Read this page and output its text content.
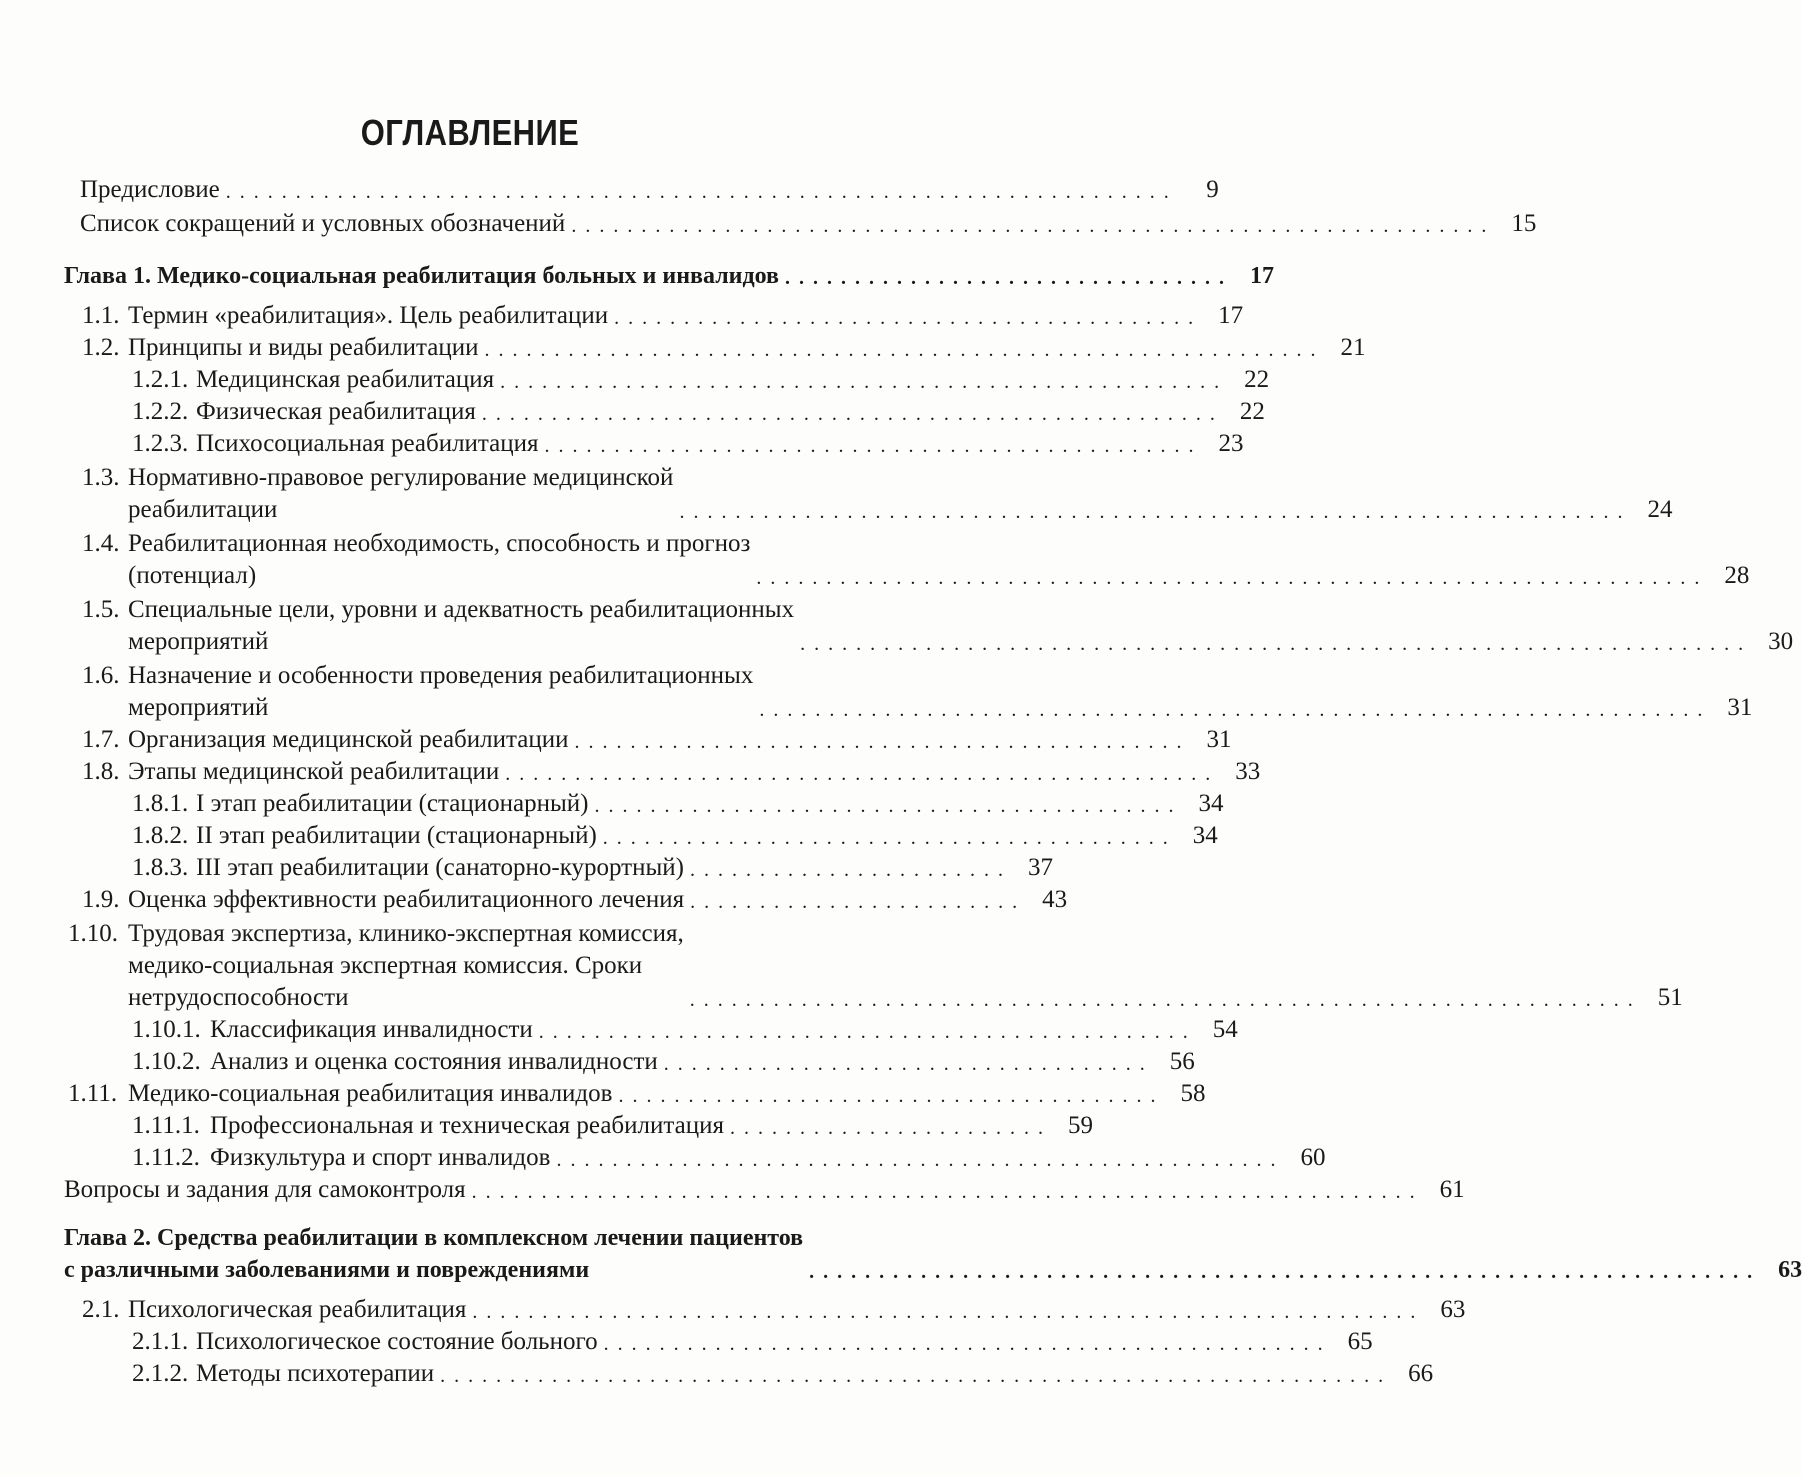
ОГЛАВЛЕНИЕ
Предисловие . . . . . . . . . . . . . . . . . . . . . . . . . . . . . . . . . . . . . . . . . . . . . . . . . . . . . . . . . . . . . . . . . . . .	9
Список сокращений и условных обозначений . . . . . . . . . . . . . . . . . . . . . . . . . . . . . . . . . . . . . . . . . . . . . . . . . . . . . . . . . . . . . . . . . . 15
Глава 1. Медико-социальная реабилитация больных и инвалидов . . . . . . . . . . . . . . . . . . . . . . . . . . . . . . . .	17
1.1. Термин «реабилитация». Цель реабилитации . . . . . . . . . . . . . . . . . . . . . . . . . . . . . . . . . . . . . . . . . . 17
1.2. Принципы и виды реабилитации . . . . . . . . . . . . . . . . . . . . . . . . . . . . . . . . . . . . . . . . . . . . . . . . . . . . . . . . . . . . 21
1.2.1. Медицинская реабилитация . . . . . . . . . . . . . . . . . . . . . . . . . . . . . . . . . . . . . . . . . . . . . . . . . . . . 22
1.2.2. Физическая реабилитация . . . . . . . . . . . . . . . . . . . . . . . . . . . . . . . . . . . . . . . . . . . . . . . . . . . . . 22
1.2.3. Психосоциальная реабилитация . . . . . . . . . . . . . . . . . . . . . . . . . . . . . . . . . . . . . . . . . . . . . . . 23
1.3. Нормативно-правовое регулирование медицинской
реабилитации	. . . . . . . . . . . . . . . . . . . . . . . . . . . . . . . . . . . . . . . . . . . . . . . . . . . . . . . . . . . . . . . . . . . . 24
1.4. Реабилитационная необходимость, способность и прогноз
(потенциал)	. . . . . . . . . . . . . . . . . . . . . . . . . . . . . . . . . . . . . . . . . . . . . . . . . . . . . . . . . . . . . . . . . . . . 28
1.5. Специальные цели, уровни и адекватность реабилитационных
мероприятий	. . . . . . . . . . . . . . . . . . . . . . . . . . . . . . . . . . . . . . . . . . . . . . . . . . . . . . . . . . . . . . . . . . . . 30
1.6. Назначение и особенности проведения реабилитационных
мероприятий	. . . . . . . . . . . . . . . . . . . . . . . . . . . . . . . . . . . . . . . . . . . . . . . . . . . . . . . . . . . . . . . . . . . . 31
1.7. Организация медицинской реабилитации . . . . . . . . . . . . . . . . . . . . . . . . . . . . . . . . . . . . . . . . . . . . 31
1.8. Этапы медицинской реабилитации . . . . . . . . . . . . . . . . . . . . . . . . . . . . . . . . . . . . . . . . . . . . . . . . . . . 33
1.8.1. I этап реабилитации (стационарный) . . . . . . . . . . . . . . . . . . . . . . . . . . . . . . . . . . . . . . . . . . 34
1.8.2. II этап реабилитации (стационарный) . . . . . . . . . . . . . . . . . . . . . . . . . . . . . . . . . . . . . . . . . 34
1.8.3. III этап реабилитации (санаторно-курортный) . . . . . . . . . . . . . . . . . . . . . . . 37
1.9. Оценка эффективности реабилитационного лечения . . . . . . . . . . . . . . . . . . . . . . . . 43
1.10. Трудовая экспертиза, клинико-экспертная комиссия,
медико-социальная экспертная комиссия. Сроки
нетрудоспособности	. . . . . . . . . . . . . . . . . . . . . . . . . . . . . . . . . . . . . . . . . . . . . . . . . . . . . . . . . . . . . . . . . . . . 51
1.10.1. Классификация инвалидности . . . . . . . . . . . . . . . . . . . . . . . . . . . . . . . . . . . . . . . . . . . . . . . 54
1.10.2. Анализ и оценка состояния инвалидности . . . . . . . . . . . . . . . . . . . . . . . . . . . . . . . . . . . 56
1.11. Медико-социальная реабилитация инвалидов . . . . . . . . . . . . . . . . . . . . . . . . . . . . . . . . . . . . . . . 58
1.11.1. Профессиональная и техническая реабилитация . . . . . . . . . . . . . . . . . . . . . . . 59
1.11.2. Физкультура и спорт инвалидов . . . . . . . . . . . . . . . . . . . . . . . . . . . . . . . . . . . . . . . . . . . . . . . . . . . . 60
Вопросы и задания для самоконтроля . . . . . . . . . . . . . . . . . . . . . . . . . . . . . . . . . . . . . . . . . . . . . . . . . . . . . . . . . . . . . . . . . . . . 61
Глава 2. Средства реабилитации в комплексном лечении пациентов
с различными заболеваниями и повреждениями	. . . . . . . . . . . . . . . . . . . . . . . . . . . . . . . . . . . . . . . . . . . . . . . . . . . . . . . . . . . . . . . . . . . .	63
2.1. Психологическая реабилитация . . . . . . . . . . . . . . . . . . . . . . . . . . . . . . . . . . . . . . . . . . . . . . . . . . . . . . . . . . . . . . . . . . . . 63
2.1.1. Психологическое состояние больного . . . . . . . . . . . . . . . . . . . . . . . . . . . . . . . . . . . . . . . . . . . . . . . . . . . . 65
2.1.2. Методы психотерапии . . . . . . . . . . . . . . . . . . . . . . . . . . . . . . . . . . . . . . . . . . . . . . . . . . . . . . . . . . . . . . . . . . . . 66
